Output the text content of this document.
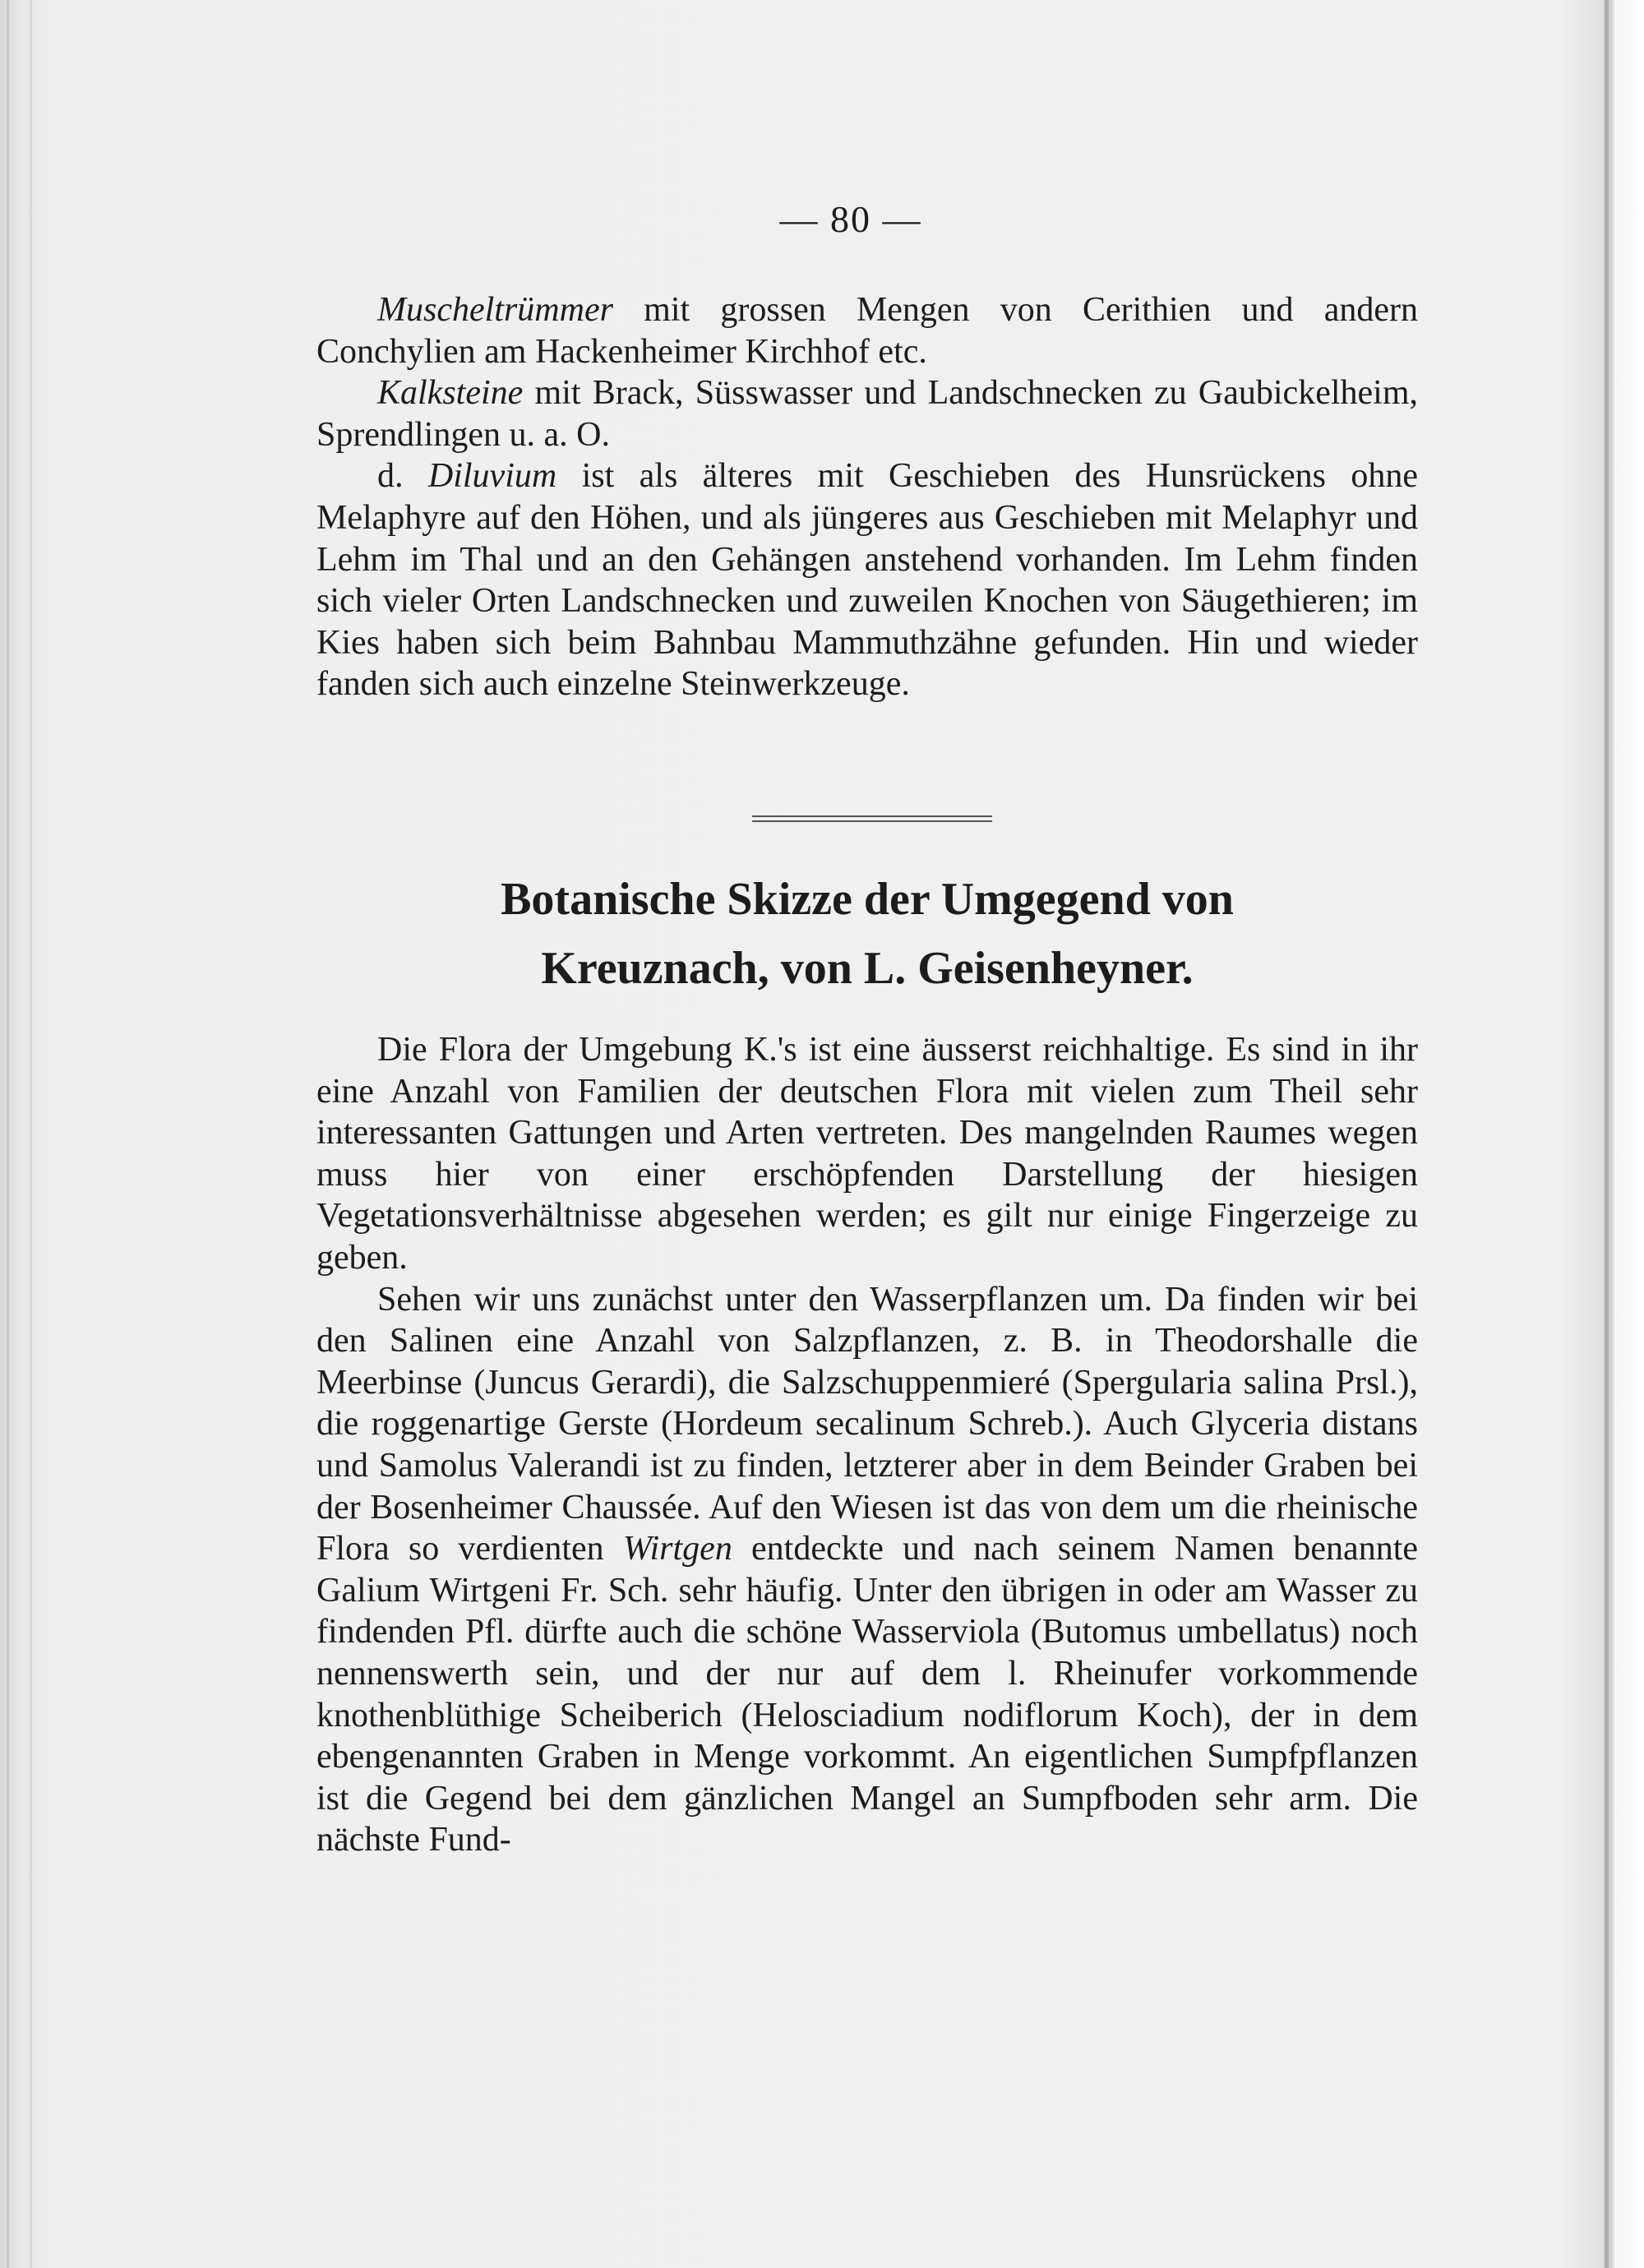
— 80 —

Muscheltrümmer mit grossen Mengen von Cerithien und andern Conchylien am Hackenheimer Kirchhof etc.

Kalksteine mit Brack, Süsswasser und Landschnecken zu Gaubickelheim, Sprendlingen u. a. O.

d. Diluvium ist als älteres mit Geschieben des Hunsrückens ohne Melaphyre auf den Höhen, und als jüngeres aus Geschieben mit Melaphyr und Lehm im Thal und an den Gehängen anstehend vorhanden. Im Lehm finden sich vieler Orten Landschnecken und zuweilen Knochen von Säugethieren; im Kies haben sich beim Bahnbau Mammuthzähne gefunden. Hin und wieder fanden sich auch einzelne Steinwerkzeuge.

Botanische Skizze der Umgegend von
Kreuznach, von L. Geisenheyner.

Die Flora der Umgebung K.'s ist eine äusserst reichhaltige. Es sind in ihr eine Anzahl von Familien der deutschen Flora mit vielen zum Theil sehr interessanten Gattungen und Arten vertreten. Des mangelnden Raumes wegen muss hier von einer erschöpfenden Darstellung der hiesigen Vegetationsverhältnisse abgesehen werden; es gilt nur einige Fingerzeige zu geben.

Sehen wir uns zunächst unter den Wasserpflanzen um. Da finden wir bei den Salinen eine Anzahl von Salzpflanzen, z. B. in Theodorshalle die Meerbinse (Juncus Gerardi), die Salzschuppenmieré (Spergularia salina Prsl.), die roggenartige Gerste (Hordeum secalinum Schreb.). Auch Glyceria distans und Samolus Valerandi ist zu finden, letzterer aber in dem Beinder Graben bei der Bosenheimer Chaussée. Auf den Wiesen ist das von dem um die rheinische Flora so verdienten Wirtgen entdeckte und nach seinem Namen benannte Galium Wirtgeni Fr. Sch. sehr häufig. Unter den übrigen in oder am Wasser zu findenden Pfl. dürfte auch die schöne Wasserviola (Butomus umbellatus) noch nennenswerth sein, und der nur auf dem l. Rheinufer vorkommende knothenblüthige Scheiberich (Helosciadium nodiflorum Koch), der in dem ebengenannten Graben in Menge vorkommt. An eigentlichen Sumpfpflanzen ist die Gegend bei dem gänzlichen Mangel an Sumpfboden sehr arm. Die nächste Fund-
